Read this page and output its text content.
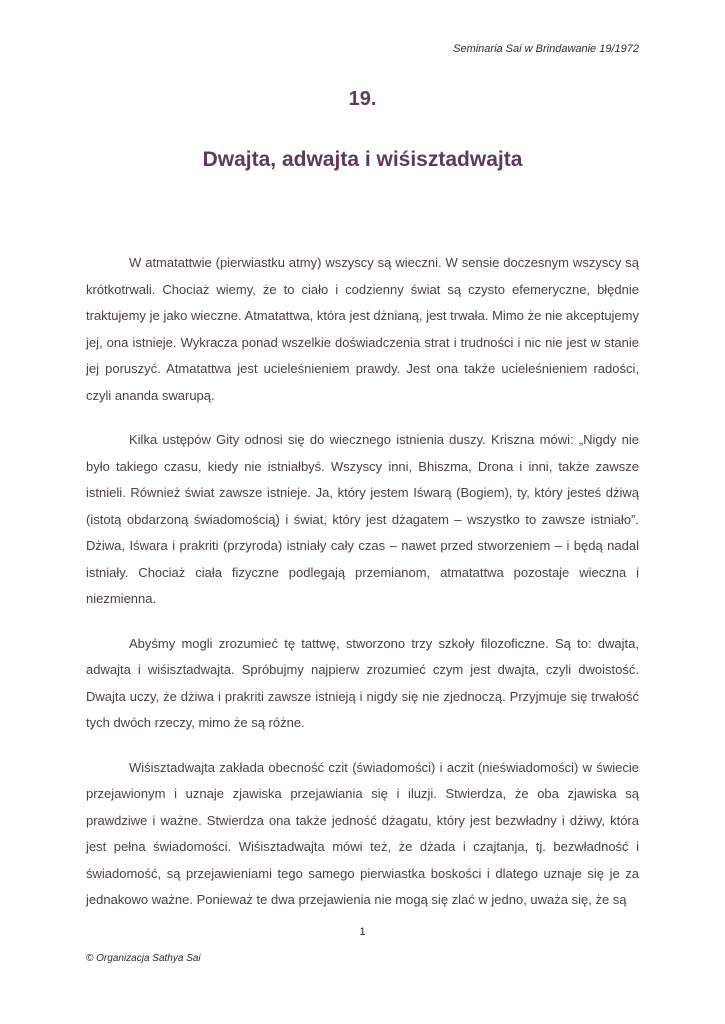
Seminaria Sai w Brindawanie 19/1972
19.
Dwajta, adwajta i wiśisztadwajta

W atmatattwie (pierwiastku atmy) wszyscy są wieczni. W sensie doczesnym wszyscy są krótkotrwali. Chociaż wiemy, że to ciało i codzienny świat są czysto efemeryczne, błędnie traktujemy je jako wieczne. Atmatattwa, która jest dżnianą, jest trwała. Mimo że nie akceptujemy jej, ona istnieje. Wykracza ponad wszelkie doświadczenia strat i trudności i nic nie jest w stanie jej poruszyć. Atmatattwa jest ucieleśnieniem prawdy. Jest ona także ucieleśnieniem radości, czyli ananda swarupą.

Kilka ustępów Gity odnosi się do wiecznego istnienia duszy. Kriszna mówi: „Nigdy nie było takiego czasu, kiedy nie istniałbyś. Wszyscy inni, Bhiszma, Drona i inni, także zawsze istnieli. Również świat zawsze istnieje. Ja, który jestem Iśwarą (Bogiem), ty, który jesteś dżiwą (istotą obdarzoną świadomością) i świat, który jest dżagatem – wszystko to zawsze istniało”. Dżiwa, Iśwara i prakriti (przyroda) istniały cały czas – nawet przed stworzeniem – i będą nadal istniały. Chociaż ciała fizyczne podlegają przemianom, atmatattwa pozostaje wieczna i niezmienna.

Abyśmy mogli zrozumieć tę tattwę, stworzono trzy szkoły filozoficzne. Są to: dwajta, adwajta i wiśisztadwajta. Spróbujmy najpierw zrozumieć czym jest dwajta, czyli dwoistość. Dwajta uczy, że dżiwa i prakriti zawsze istnieją i nigdy się nie zjednoczą. Przyjmuje się trwałość tych dwóch rzeczy, mimo że są różne.

Wiśisztadwajta zakłada obecność czit (świadomości) i aczit (nieświadomości) w świecie przejawionym i uznaje zjawiska przejawiania się i iluzji. Stwierdza, że oba zjawiska są prawdziwe i ważne. Stwierdza ona także jedność dżagatu, który jest bezwładny i dżiwy, która jest pełna świadomości. Wiśisztadwajta mówi też, że dżada i czajtanja, tj. bezwładność i świadomość, są przejawieniami tego samego pierwiastka boskości i dlatego uznaje się je za jednakowo ważne. Ponieważ te dwa przejawienia nie mogą się zlać w jedno, uważa się, że są

1
© Organizacja Sathya Sai
